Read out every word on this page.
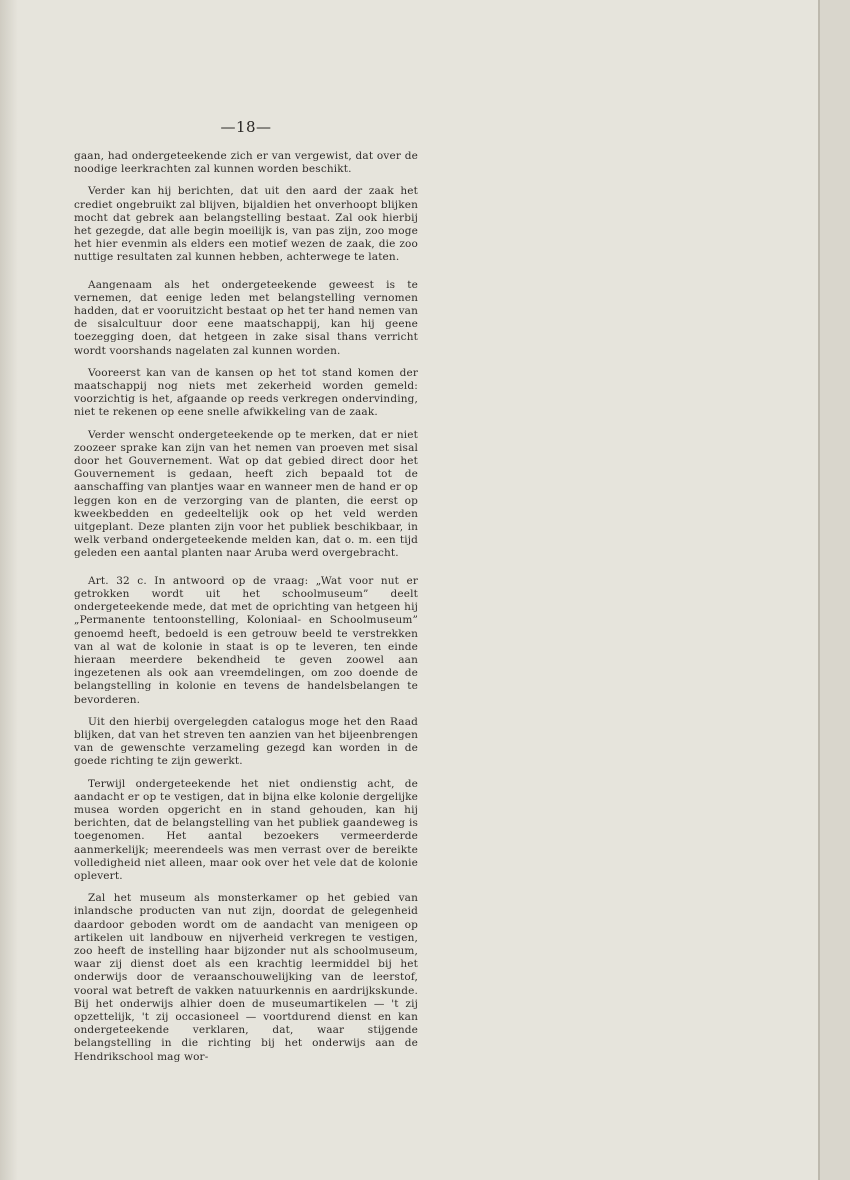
—18—

gaan, had ondergeteekende zich er van vergewist, dat over de noodige leerkrachten zal kunnen worden beschikt.

Verder kan hij berichten, dat uit den aard der zaak het crediet ongebruikt zal blijven, bijaldien het onverhoopt blijken mocht dat gebrek aan belangstelling bestaat. Zal ook hierbij het gezegde, dat alle begin moeilijk is, van pas zijn, zoo moge het hier evenmin als elders een motief wezen de zaak, die zoo nuttige resultaten zal kunnen hebben, achterwege te laten.

Aangenaam als het ondergeteekende geweest is te vernemen, dat eenige leden met belangstelling vernomen hadden, dat er vooruitzicht bestaat op het ter hand nemen van de sisalcultuur door eene maatschappij, kan hij geene toezegging doen, dat hetgeen in zake sisal thans verricht wordt voorshands nagelaten zal kunnen worden.

Vooreerst kan van de kansen op het tot stand komen der maatschappij nog niets met zekerheid worden gemeld: voorzichtig is het, afgaande op reeds verkregen ondervinding, niet te rekenen op eene snelle afwikkeling van de zaak.

Verder wenscht ondergeteekende op te merken, dat er niet zoozeer sprake kan zijn van het nemen van proeven met sisal door het Gouvernement. Wat op dat gebied direct door het Gouvernement is gedaan, heeft zich bepaald tot de aanschaffing van plantjes waar en wanneer men de hand er op leggen kon en de verzorging van de planten, die eerst op kweekbedden en gedeeltelijk ook op het veld werden uitgeplant. Deze planten zijn voor het publiek beschikbaar, in welk verband ondergeteekende melden kan, dat o. m. een tijd geleden een aantal planten naar Aruba werd overgebracht.

Art. 32 c. In antwoord op de vraag: „Wat voor nut er getrokken wordt uit het schoolmuseum” deelt ondergeteekende mede, dat met de oprichting van hetgeen hij „Permanente tentoonstelling, Koloniaal- en Schoolmuseum” genoemd heeft, bedoeld is een getrouw beeld te verstrekken van al wat de kolonie in staat is op te leveren, ten einde hieraan meerdere bekendheid te geven zoowel aan ingezetenen als ook aan vreemdelingen, om zoo doende de belangstelling in kolonie en tevens de handelsbelangen te bevorderen.

Uit den hierbij overgelegden catalogus moge het den Raad blijken, dat van het streven ten aanzien van het bijeenbrengen van de gewenschte verzameling gezegd kan worden in de goede richting te zijn gewerkt.

Terwijl ondergeteekende het niet ondienstig acht, de aandacht er op te vestigen, dat in bijna elke kolonie dergelijke musea worden opgericht en in stand gehouden, kan hij berichten, dat de belangstelling van het publiek gaandeweg is toegenomen. Het aantal bezoekers vermeerderde aanmerkelijk; meerendeels was men verrast over de bereikte volledigheid niet alleen, maar ook over het vele dat de kolonie oplevert.

Zal het museum als monsterkamer op het gebied van inlandsche producten van nut zijn, doordat de gelegenheid daardoor geboden wordt om de aandacht van menigeen op artikelen uit landbouw en nijverheid verkregen te vestigen, zoo heeft de instelling haar bijzonder nut als schoolmuseum, waar zij dienst doet als een krachtig leermiddel bij het onderwijs door de veraanschouwelijking van de leerstof, vooral wat betreft de vakken natuurkennis en aardrijkskunde. Bij het onderwijs alhier doen de museumartikelen — 't zij opzettelijk, 't zij occasioneel — voortdurend dienst en kan ondergeteekende verklaren, dat, waar stijgende belangstelling in die richting bij het onderwijs aan de Hendrikschool mag wor-
